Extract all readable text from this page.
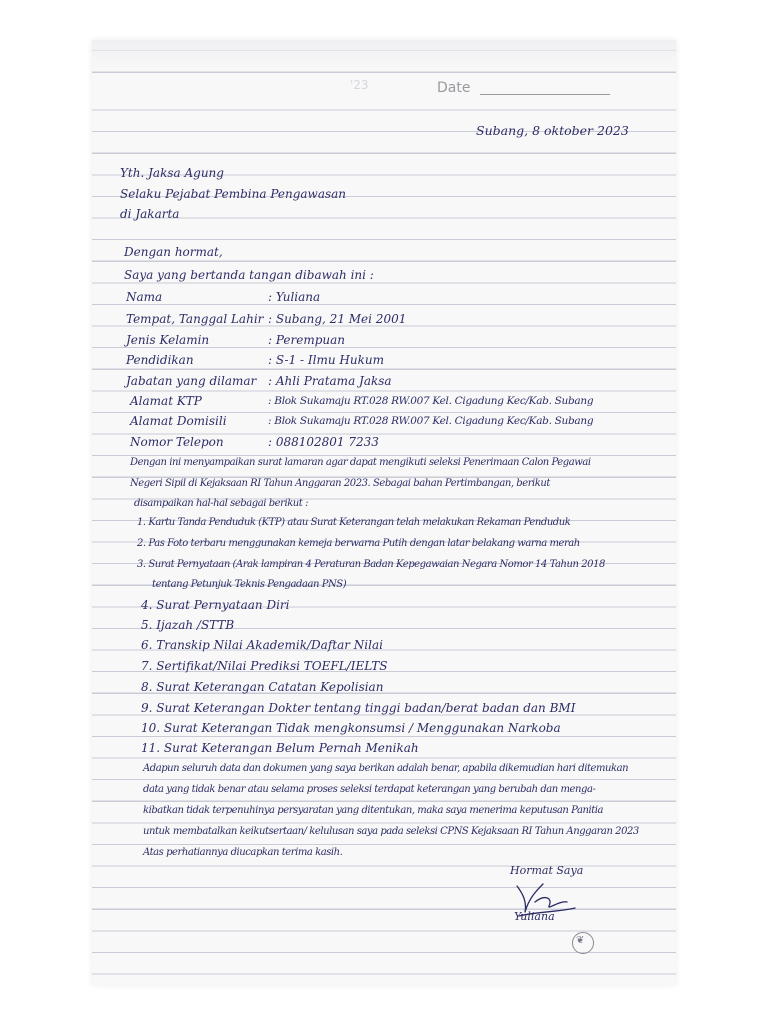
'23	Date
Subang, 8 oktober 2023
Yth. Jaksa Agung
Selaku Pejabat Pembina Pengawasan
di Jakarta
Dengan hormat,
Saya yang bertanda tangan dibawah ini :
Nama	: Yuliana
Tempat, Tanggal Lahir : Subang, 21 Mei 2001
Jenis Kelamin	: Perempuan
Pendidikan	: S-1 - Ilmu Hukum
Jabatan yang dilamar : Ahli Pratama Jaksa
Alamat KTP	: Blok Sukamaju RT.028 RW.007 Kel. Cigadung Kec/Kab. Subang
Alamat Domisili	: Blok Sukamaju RT.028 RW.007 Kel. Cigadung Kec/Kab. Subang
Nomor Telepon	: 088102801 7233
Dengan ini menyampaikan surat lamaran agar dapat mengikuti seleksi Penerimaan Calon Pegawai
Negeri Sipil di Kejaksaan RI Tahun Anggaran 2023. Sebagai bahan Pertimbangan, berikut
disampaikan hal-hal sebagai berikut :
1. Kartu Tanda Penduduk (KTP) atau Surat Keterangan telah melakukan Rekaman Penduduk
2. Pas Foto terbaru menggunakan kemeja berwarna Putih dengan latar belakang warna merah
3. Surat Pernyataan (Arak lampiran 4 Peraturan Badan Kepegawaian Negara Nomor 14 Tahun 2018
tentang Petunjuk Teknis Pengadaan PNS)
4. Surat Pernyataan Diri
5. Ijazah /STTB
6. Transkip Nilai Akademik/Daftar Nilai
7. Sertifikat/Nilai Prediksi TOEFL/IELTS
8. Surat Keterangan Catatan Kepolisian
9. Surat Keterangan Dokter tentang tinggi badan/berat badan dan BMI
10. Surat Keterangan Tidak mengkonsumsi / Menggunakan Narkoba
11. Surat Keterangan Belum Pernah Menikah
Adapun seluruh data dan dokumen yang saya berikan adalah benar, apabila dikemudian hari ditemukan
data yang tidak benar atau selama proses seleksi terdapat keterangan yang berubah dan menga-
kibatkan tidak terpenuhinya persyaratan yang ditentukan, maka saya menerima keputusan Panitia
untuk membatalkan keikutsertaan/ kelulusan saya pada seleksi CPNS Kejaksaan RI Tahun Anggaran 2023
Atas perhatiannya diucapkan terima kasih.
Hormat Saya
Yuliana
❦
